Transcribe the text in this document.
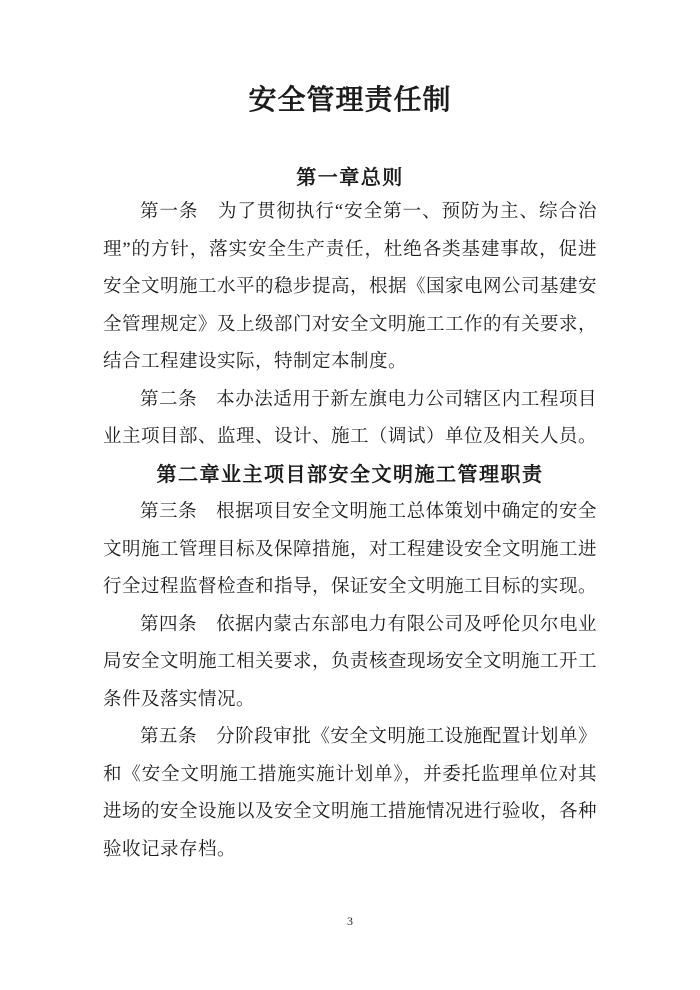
安全管理责任制
第一章总则

第一条　为了贯彻执行“安全第一、预防为主、综合治理”的方针，落实安全生产责任，杜绝各类基建事故，促进安全文明施工水平的稳步提高，根据《国家电网公司基建安全管理规定》及上级部门对安全文明施工工作的有关要求，结合工程建设实际，特制定本制度。

第二条　本办法适用于新左旗电力公司辖区内工程项目业主项目部、监理、设计、施工（调试）单位及相关人员。

第二章业主项目部安全文明施工管理职责

第三条　根据项目安全文明施工总体策划中确定的安全文明施工管理目标及保障措施，对工程建设安全文明施工进行全过程监督检查和指导，保证安全文明施工目标的实现。

第四条　依据内蒙古东部电力有限公司及呼伦贝尔电业局安全文明施工相关要求，负责核查现场安全文明施工开工条件及落实情况。

第五条　分阶段审批《安全文明施工设施配置计划单》和《安全文明施工措施实施计划单》，并委托监理单位对其进场的安全设施以及安全文明施工措施情况进行验收，各种验收记录存档。

3
